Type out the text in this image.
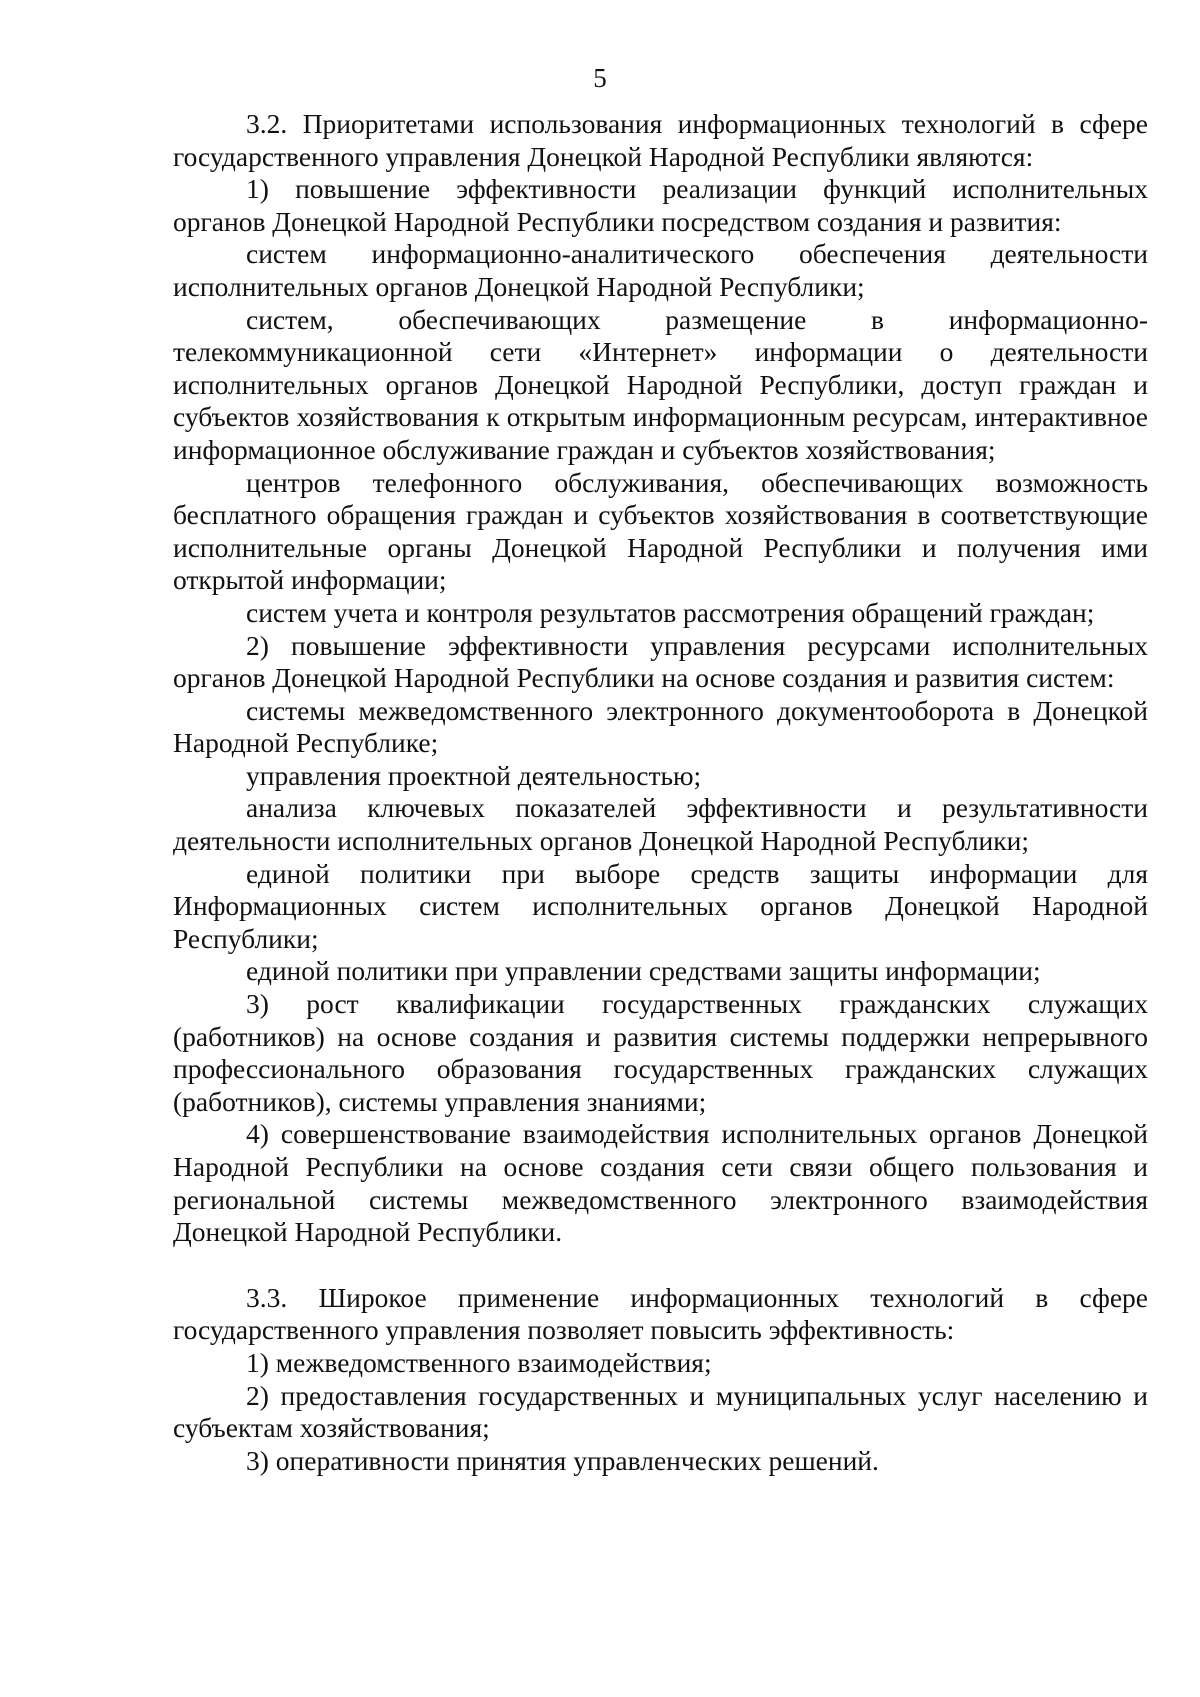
5

3.2. Приоритетами использования информационных технологий в сфере государственного управления Донецкой Народной Республики являются:

1) повышение эффективности реализации функций исполнительных органов Донецкой Народной Республики посредством создания и развития:

систем информационно-аналитического обеспечения деятельности исполнительных органов Донецкой Народной Республики;

систем, обеспечивающих размещение в информационно-телекоммуникационной сети «Интернет» информации о деятельности исполнительных органов Донецкой Народной Республики, доступ граждан и субъектов хозяйствования к открытым информационным ресурсам, интерактивное информационное обслуживание граждан и субъектов хозяйствования;

центров телефонного обслуживания, обеспечивающих возможность бесплатного обращения граждан и субъектов хозяйствования в соответствующие исполнительные органы Донецкой Народной Республики и получения ими открытой информации;

систем учета и контроля результатов рассмотрения обращений граждан;

2) повышение эффективности управления ресурсами исполнительных органов Донецкой Народной Республики на основе создания и развития систем:

системы межведомственного электронного документооборота в Донецкой Народной Республике;

управления проектной деятельностью;

анализа ключевых показателей эффективности и результативности деятельности исполнительных органов Донецкой Народной Республики;

единой политики при выборе средств защиты информации для Информационных систем исполнительных органов Донецкой Народной Республики;

единой политики при управлении средствами защиты информации;

3) рост квалификации государственных гражданских служащих (работников) на основе создания и развития системы поддержки непрерывного профессионального образования государственных гражданских служащих (работников), системы управления знаниями;

4) совершенствование взаимодействия исполнительных органов Донецкой Народной Республики на основе создания сети связи общего пользования и региональной системы межведомственного электронного взаимодействия Донецкой Народной Республики.

3.3. Широкое применение информационных технологий в сфере государственного управления позволяет повысить эффективность:

1) межведомственного взаимодействия;

2) предоставления государственных и муниципальных услуг населению и субъектам хозяйствования;

3) оперативности принятия управленческих решений.
